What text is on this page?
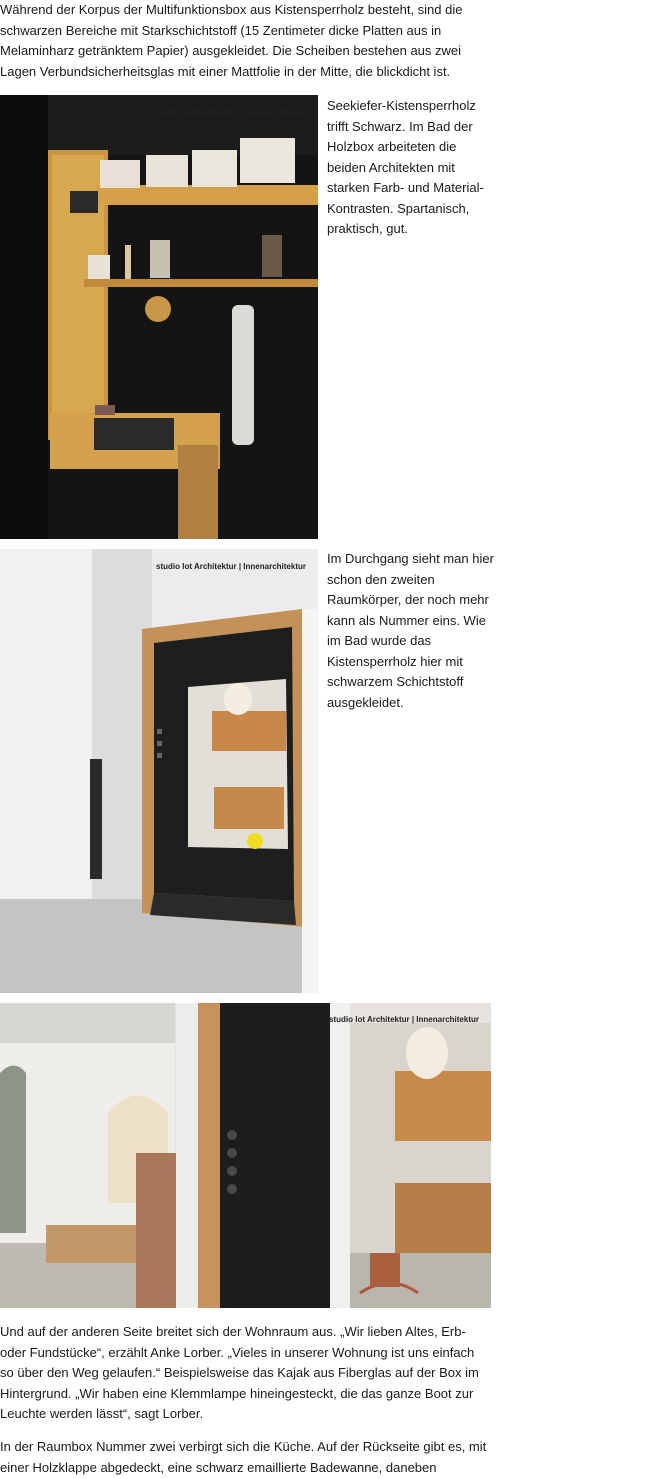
Während der Korpus der Multifunktionsbox aus Kistensperrholz besteht, sind die schwarzen Bereiche mit Starkschichtstoff (15 Zentimeter dicke Platten aus in Melaminharz getränktem Papier) ausgekleidet. Die Scheiben bestehen aus zwei Lagen Verbundsicherheitsglas mit einer Mattfolie in der Mitte, die blickdicht ist.

studio lot Architektur | Innenarchitektur Seekiefer-Kistensperrholz trifft Schwarz. Im Bad der Holzbox arbeiteten die beiden Architekten mit starken Farb- und Material-Kontrasten. Spartanisch, praktisch, gut.

studio lot Architektur | Innenarchitektur

Im Durchgang sieht man hier schon den zweiten Raumkörper, der noch mehr kann als Nummer eins. Wie im Bad wurde das Kistensperrholz hier mit schwarzem Schichtstoff ausgekleidet.

studio lot Architektur | Innenarchitektur

Und auf der anderen Seite breitet sich der Wohnraum aus. „Wir lieben Altes, Erb- oder Fundstücke“, erzählt Anke Lorber. „Vieles in unserer Wohnung ist uns einfach so über den Weg gelaufen.“ Beispielsweise das Kajak aus Fiberglas auf der Box im Hintergrund. „Wir haben eine Klemmlampe hineingesteckt, die das ganze Boot zur Leuchte werden lässt“, sagt Lorber.

In der Raumbox Nummer zwei verbirgt sich die Küche. Auf der Rückseite gibt es, mit einer Holzklappe abgedeckt, eine schwarz emaillierte Badewanne, daneben
